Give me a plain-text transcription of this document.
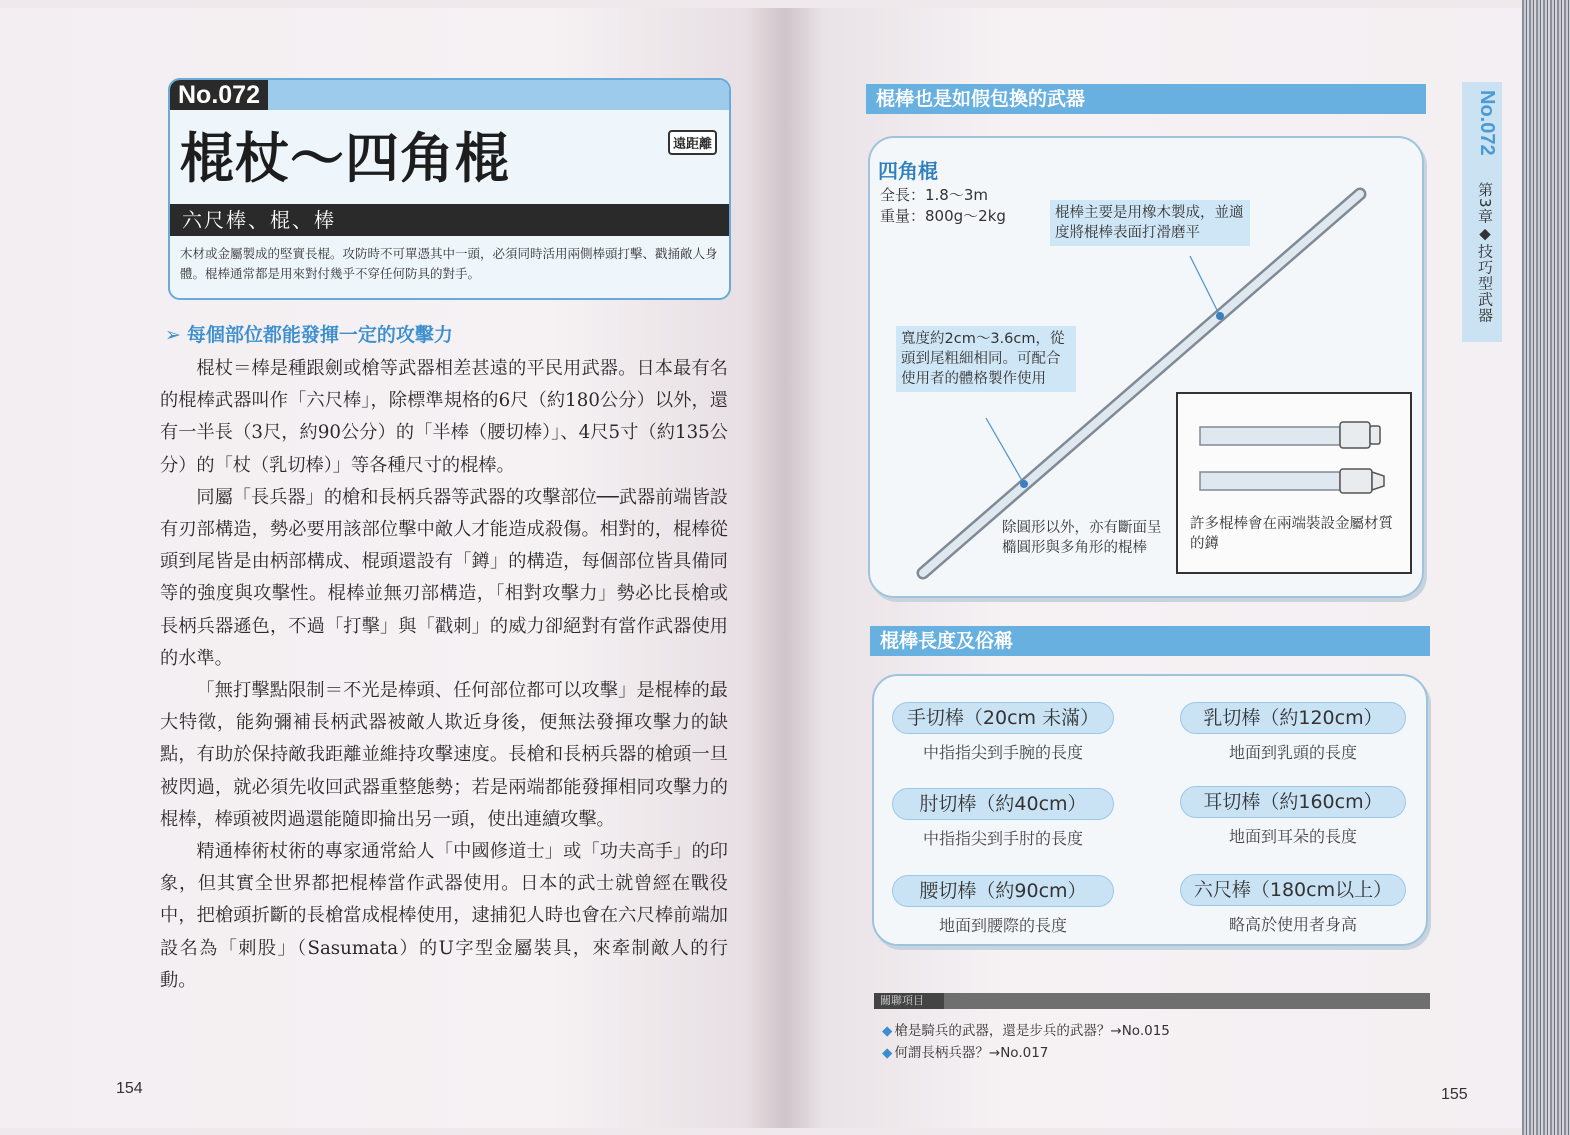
No.072
棍杖～四角棍	遠距離
六尺棒、棍、棒
木材或金屬製成的堅實長棍。攻防時不可單憑其中一頭，必須同時活用兩側棒頭打擊、戳捅敵人身體。棍棒通常都是用來對付幾乎不穿任何防具的對手。
➢ 每個部位都能發揮一定的攻擊力

棍杖＝棒是種跟劍或槍等武器相差甚遠的平民用武器。日本最有名的棍棒武器叫作「六尺棒」，除標準規格的6尺（約180公分）以外，還有一半長（3尺，約90公分）的「半棒（腰切棒）」、4尺5寸（約135公分）的「杖（乳切棒）」等各種尺寸的棍棒。

同屬「長兵器」的槍和長柄兵器等武器的攻擊部位──武器前端皆設有刃部構造，勢必要用該部位擊中敵人才能造成殺傷。相對的，棍棒從頭到尾皆是由柄部構成、棍頭還設有「鐏」的構造，每個部位皆具備同等的強度與攻擊性。棍棒並無刃部構造，「相對攻擊力」勢必比長槍或長柄兵器遜色，不過「打擊」與「戳刺」的威力卻絕對有當作武器使用的水準。

「無打擊點限制＝不光是棒頭、任何部位都可以攻擊」是棍棒的最大特徵，能夠彌補長柄武器被敵人欺近身後，便無法發揮攻擊力的缺點，有助於保持敵我距離並維持攻擊速度。長槍和長柄兵器的槍頭一旦被閃過，就必須先收回武器重整態勢；若是兩端都能發揮相同攻擊力的棍棒，棒頭被閃過還能隨即掄出另一頭，使出連續攻擊。

精通棒術杖術的專家通常給人「中國修道士」或「功夫高手」的印象，但其實全世界都把棍棒當作武器使用。日本的武士就曾經在戰役中，把槍頭折斷的長槍當成棍棒使用，逮捕犯人時也會在六尺棒前端加設名為「刺股」（Sasumata）的U字型金屬裝具，來牽制敵人的行動。

154
棍棒也是如假包換的武器
四角棍
全長：1.8～3m
重量：800g～2kg	棍棒主要是用橡木製成，並適度將棍棒表面打滑磨平
寬度約2cm～3.6cm，從頭到尾粗細相同。可配合使用者的體格製作使用
除圓形以外，亦有斷面呈橢圓形與多角形的棍棒
許多棍棒會在兩端裝設金屬材質的鐏
棍棒長度及俗稱
手切棒（20cm 未滿）
中指指尖到手腕的長度
乳切棒（約120cm）
地面到乳頭的長度
肘切棒（約40cm）
中指指尖到手肘的長度
耳切棒（約160cm）
地面到耳朵的長度
腰切棒（約90cm）
地面到腰際的長度
六尺棒（180cm以上）
略高於使用者身高
關聯項目
◆ 槍是騎兵的武器，還是步兵的武器？→No.015
◆ 何謂長柄兵器？→No.017
155
No.072
第3章◆技巧型武器
